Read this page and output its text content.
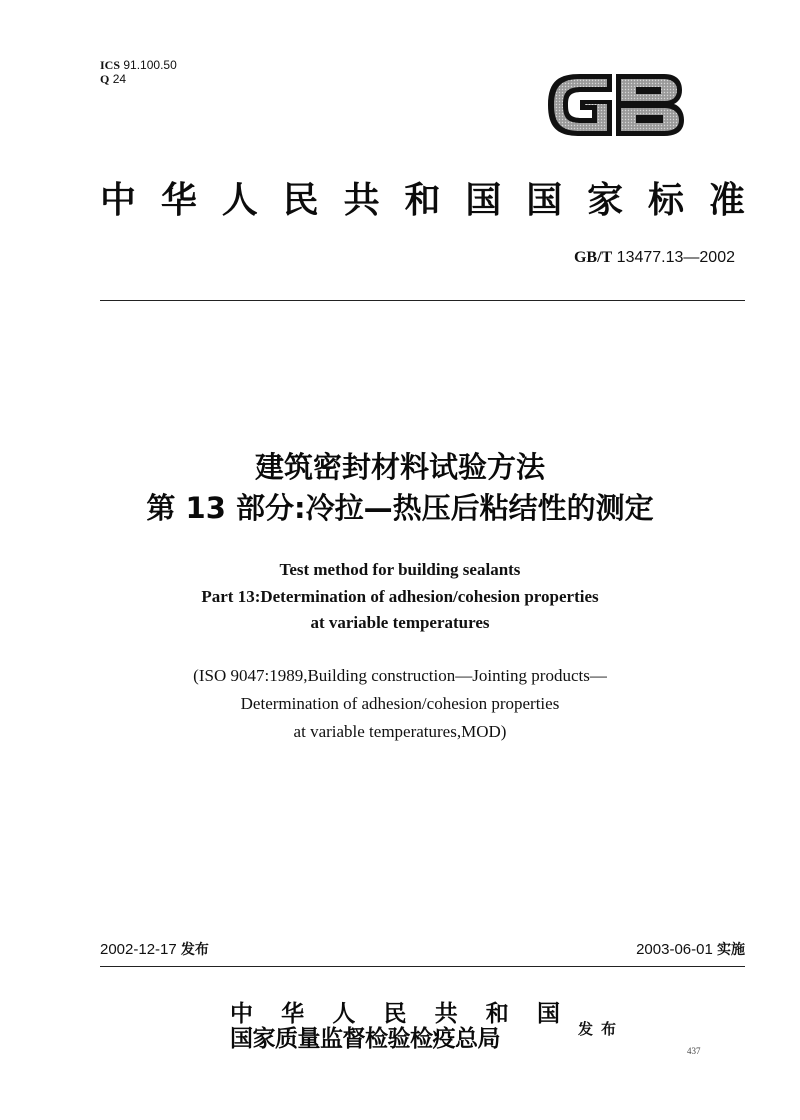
ICS 91.100.50
Q 24
中 华 人 民 共 和 国 国 家 标 准
GB/T 13477.13—2002
建筑密封材料试验方法
第 13 部分:冷拉—热压后粘结性的测定
Test method for building sealants
Part 13:Determination of adhesion/cohesion properties
at variable temperatures
(ISO 9047:1989,Building construction—Jointing products—
Determination of adhesion/cohesion properties
at variable temperatures,MOD)
2002-12-17 发布	2003-06-01 实施
中 华 人 民 共 和 国
国家质量监督检验检疫总局	发布
437
